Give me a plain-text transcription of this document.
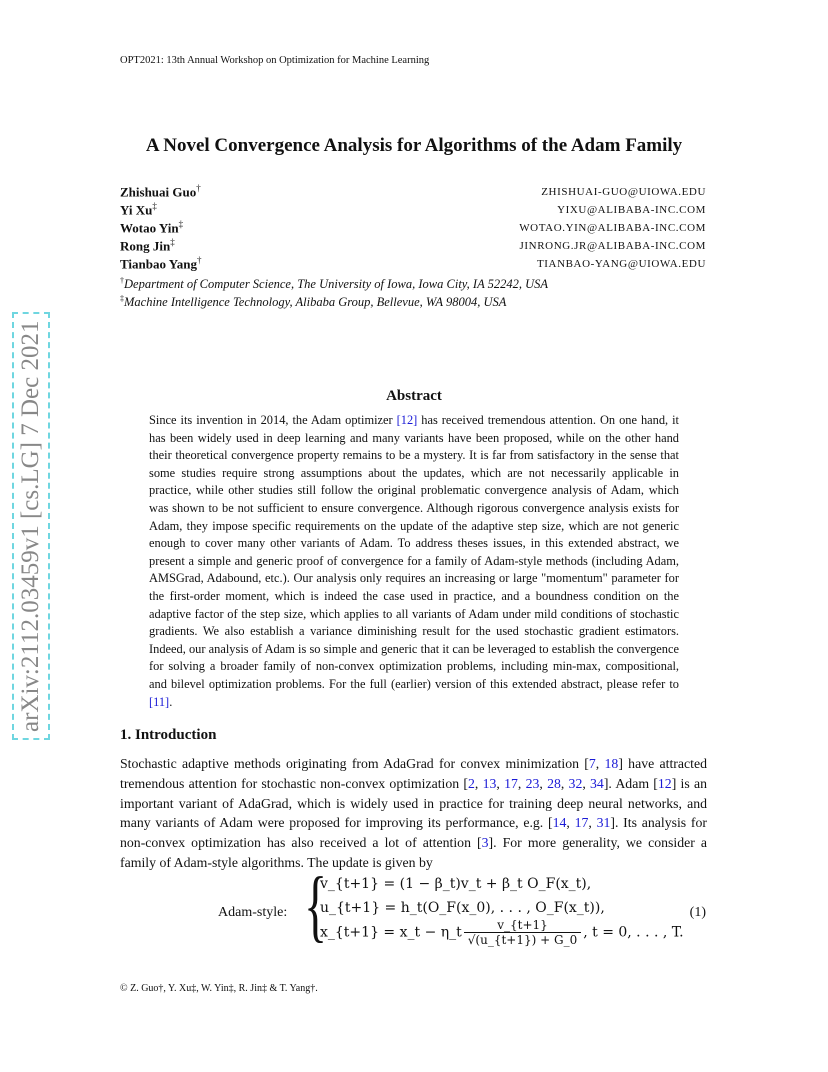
arXiv:2112.03459v1 [cs.LG] 7 Dec 2021
OPT2021: 13th Annual Workshop on Optimization for Machine Learning
A Novel Convergence Analysis for Algorithms of the Adam Family
Zhishuai Guo†	ZHISHUAI-GUO@UIOWA.EDU
Yi Xu‡	YIXU@ALIBABA-INC.COM
Wotao Yin‡	WOTAO.YIN@ALIBABA-INC.COM
Rong Jin‡	JINRONG.JR@ALIBABA-INC.COM
Tianbao Yang†	TIANBAO-YANG@UIOWA.EDU
†Department of Computer Science, The University of Iowa, Iowa City, IA 52242, USA
‡Machine Intelligence Technology, Alibaba Group, Bellevue, WA 98004, USA
Abstract
Since its invention in 2014, the Adam optimizer [12] has received tremendous attention. On one hand, it has been widely used in deep learning and many variants have been proposed, while on the other hand their theoretical convergence property remains to be a mystery. It is far from satisfactory in the sense that some studies require strong assumptions about the updates, which are not necessarily applicable in practice, while other studies still follow the original problematic convergence analysis of Adam, which was shown to be not sufficient to ensure convergence. Although rigorous convergence analysis exists for Adam, they impose specific requirements on the update of the adaptive step size, which are not generic enough to cover many other variants of Adam. To address theses issues, in this extended abstract, we present a simple and generic proof of convergence for a family of Adam-style methods (including Adam, AMSGrad, Adabound, etc.). Our analysis only requires an increasing or large "momentum" parameter for the first-order moment, which is indeed the case used in practice, and a boundness condition on the adaptive factor of the step size, which applies to all variants of Adam under mild conditions of stochastic gradients. We also establish a variance diminishing result for the used stochastic gradient estimators. Indeed, our analysis of Adam is so simple and generic that it can be leveraged to establish the convergence for solving a broader family of non-convex optimization problems, including min-max, compositional, and bilevel optimization problems. For the full (earlier) version of this extended abstract, please refer to [11].
1. Introduction
Stochastic adaptive methods originating from AdaGrad for convex minimization [7, 18] have attracted tremendous attention for stochastic non-convex optimization [2, 13, 17, 23, 28, 32, 34]. Adam [12] is an important variant of AdaGrad, which is widely used in practice for training deep neural networks, and many variants of Adam were proposed for improving its performance, e.g. [14, 17, 31]. Its analysis for non-convex optimization has also received a lot of attention [3]. For more generality, we consider a family of Adam-style algorithms. The update is given by
Adam-style: {
v_{t+1} = (1 − β_t)v_t + β_t O_F(x_t),
u_{t+1} = h_t(O_F(x_0), . . . , O_F(x_t)),
x_{t+1} = x_t − η_t $\frac{v\_\{t+1\}}{√(u\_\{t+1\}) + G\_0}$ , t = 0, . . . , T.
(1)
© Z. Guo†, Y. Xu‡, W. Yin‡, R. Jin‡ & T. Yang†.
